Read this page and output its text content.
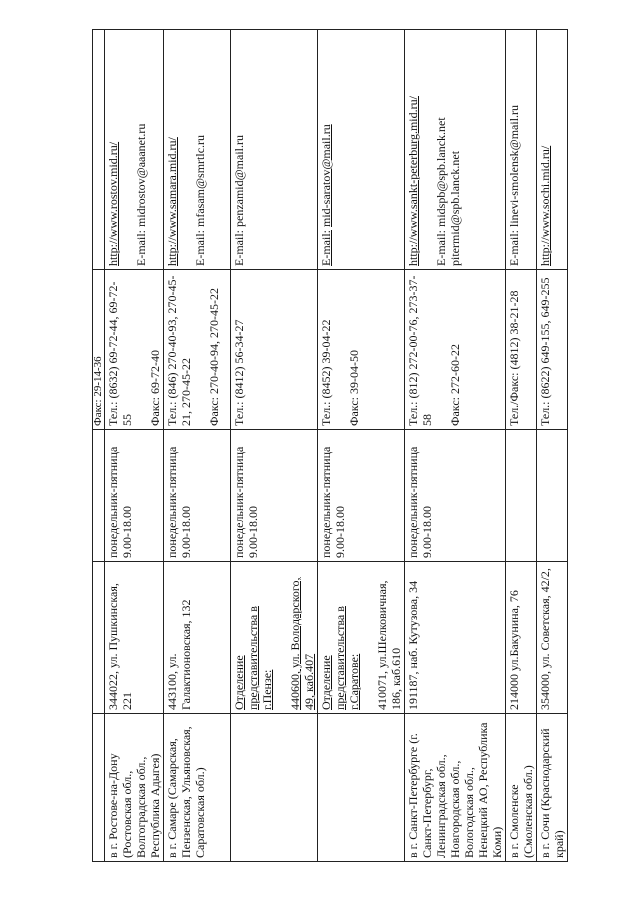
			Факс: 29-14-36	
в г. Ростове-на-Дону (Ростовская обл., Волгоградская обл., Республика Адыгея)	344022, ул. Пушкинская, 221	понедельник-пятница 9.00-18.00	Тел.: (8632) 69-72-44, 69-72-55 Факс: 69-72-40	http://www.rostov.mid.ru/ E-mail: midrostov@aaanet.ru
в г. Самаре (Самарская, Пензенская, Ульяновская, Саратовская обл.)	443100, ул. Галактионовская, 132	понедельник-пятница 9.00-18.00	Тел.: (846) 270-40-93, 270-45-21, 270-45-22 Факс: 270-40-94, 270-45-22	http://www.samara.mid.ru/ E-mail: mfasam@smrtlc.ru
	Отделение представительства в г.Пензе: 440600, ул. Володарского, 49, каб.407	понедельник-пятница 9.00-18.00	Тел.: (8412) 56-34-27	E-mail: penzamid@mail.ru
	Отделение представительства в г.Саратове: 410071, ул.Шелковичная, 186, каб.610	понедельник-пятница 9.00-18.00	Тел.: (8452) 39-04-22 Факс: 39-04-50	E-mail: mid-saratov@mail.ru
в г. Санкт-Петербурге (г. Санкт-Петербург, Ленинградская обл., Новгородская обл., Вологодская обл., Ненецкий АО, Республика Коми)	191187, наб. Кутузова, 34	понедельник-пятница 9.00-18.00	Тел.: (812) 272-00-76, 273-37-58 Факс: 272-60-22	http://www.sankt-peterburg.mid.ru/ E-mail: midspb@spb.lanck.net
pitermid@spb.lanck.net
в г. Смоленске (Смоленская обл.)	214000 ул.Бакунина, 76		Тел./Факс: (4812) 38-21-28	E-mail: linevi-smolensk@mail.ru
в г. Сочи (Краснодарский край)	354000, ул. Советская, 42/2,		Тел.: (8622) 649-155, 649-255	http://www.sochi.mid.ru/
